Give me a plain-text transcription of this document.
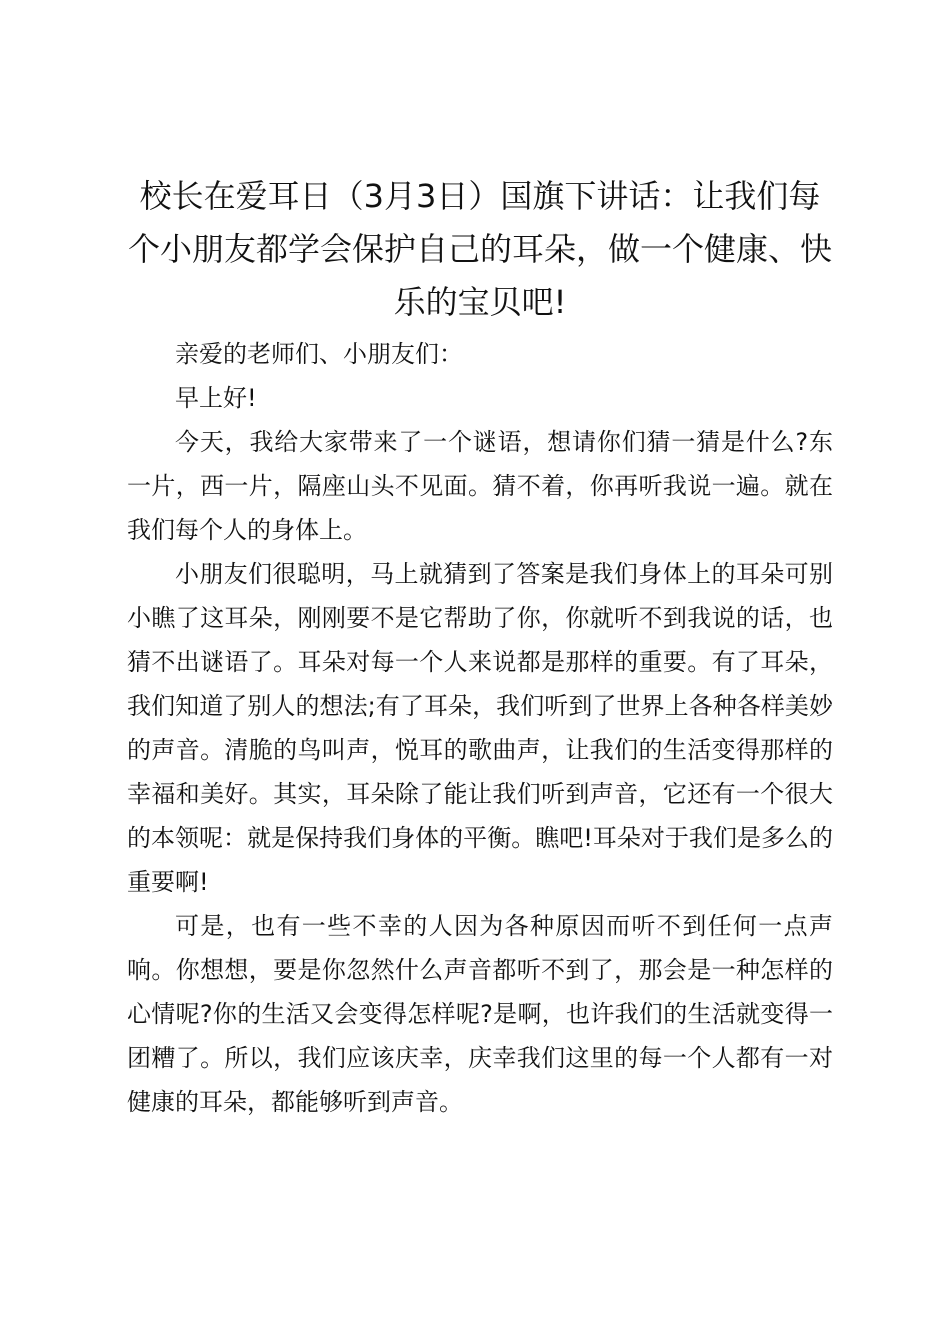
校长在爱耳日（3月3日）国旗下讲话：让我们每个小朋友都学会保护自己的耳朵，做一个健康、快乐的宝贝吧!

亲爱的老师们、小朋友们：

早上好!

今天，我给大家带来了一个谜语，想请你们猜一猜是什么?东一片，西一片，隔座山头不见面。猜不着，你再听我说一遍。就在我们每个人的身体上。

小朋友们很聪明，马上就猜到了答案是我们身体上的耳朵可别小瞧了这耳朵，刚刚要不是它帮助了你，你就听不到我说的话，也猜不出谜语了。耳朵对每一个人来说都是那样的重要。有了耳朵，我们知道了别人的想法;有了耳朵，我们听到了世界上各种各样美妙的声音。清脆的鸟叫声，悦耳的歌曲声，让我们的生活变得那样的幸福和美好。其实，耳朵除了能让我们听到声音，它还有一个很大的本领呢：就是保持我们身体的平衡。瞧吧!耳朵对于我们是多么的重要啊!

可是，也有一些不幸的人因为各种原因而听不到任何一点声响。你想想，要是你忽然什么声音都听不到了，那会是一种怎样的心情呢?你的生活又会变得怎样呢?是啊，也许我们的生活就变得一团糟了。所以，我们应该庆幸，庆幸我们这里的每一个人都有一对健康的耳朵，都能够听到声音。
